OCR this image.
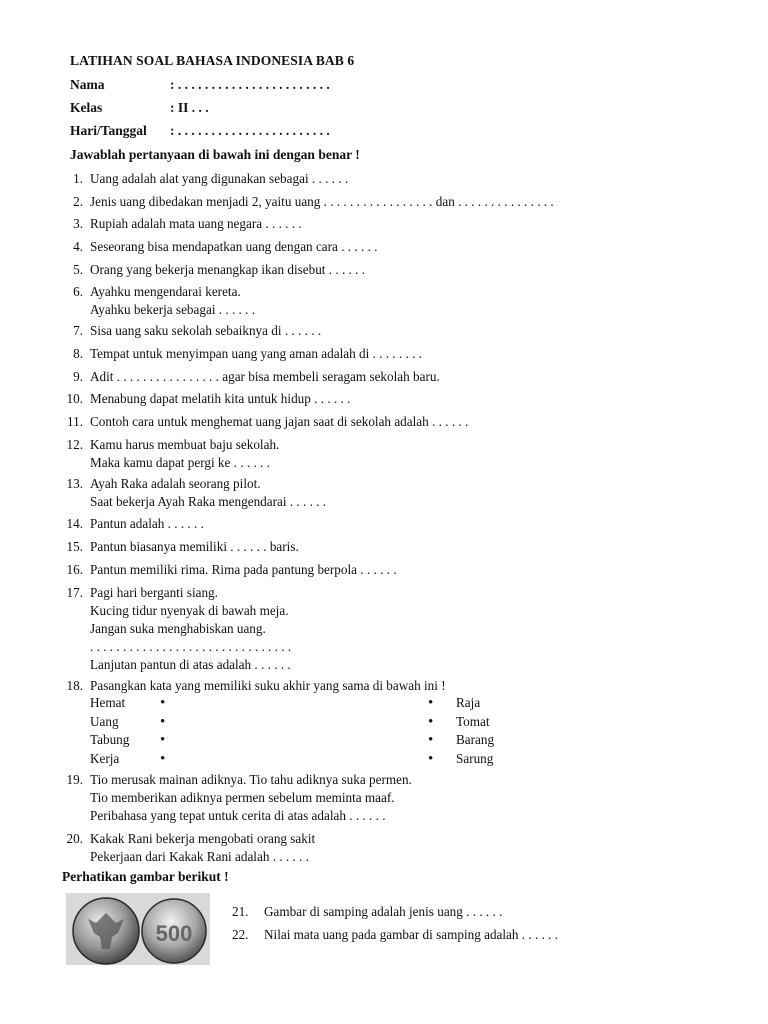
LATIHAN SOAL BAHASA INDONESIA BAB 6
Nama	: . . . . . . . . . . . . . . . . . . . . . . .
Kelas	: II . . .
Hari/Tanggal : . . . . . . . . . . . . . . . . . . . . . . .
Jawablah pertanyaan di bawah ini dengan benar !
1. Uang adalah alat yang digunakan sebagai . . . . . .
2. Jenis uang dibedakan menjadi 2, yaitu uang . . . . . . . . . . . . . . . . . dan . . . . . . . . . . . . . . .
3. Rupiah adalah mata uang negara . . . . . .
4. Seseorang bisa mendapatkan uang dengan cara . . . . . .
5. Orang yang bekerja menangkap ikan disebut . . . . . .
6. Ayahku mengendarai kereta.
Ayahku bekerja sebagai . . . . . .
7. Sisa uang saku sekolah sebaiknya di . . . . . .
8. Tempat untuk menyimpan uang yang aman adalah di . . . . . . . .
9. Adit . . . . . . . . . . . . . . . . agar bisa membeli seragam sekolah baru.
10. Menabung dapat melatih kita untuk hidup . . . . . .
11. Contoh cara untuk menghemat uang jajan saat di sekolah adalah . . . . . .
12. Kamu harus membuat baju sekolah.
Maka kamu dapat pergi ke . . . . . .
13. Ayah Raka adalah seorang pilot.
Saat bekerja Ayah Raka mengendarai . . . . . .
14. Pantun adalah . . . . . .
15. Pantun biasanya memiliki . . . . . . baris.
16. Pantun memiliki rima. Rima pada pantung berpola . . . . . .
17. Pagi hari berganti siang.
Kucing tidur nyenyak di bawah meja.
Jangan suka menghabiskan uang.
. . . . . . . . . . . . . . . . . . . . . . . . . . . . . . .
Lanjutan pantun di atas adalah . . . . . .
18. Pasangkan kata yang memiliki suku akhir yang sama di bawah ini !
19. Tio merusak mainan adiknya. Tio tahu adiknya suka permen.
Tio memberikan adiknya permen sebelum meminta maaf.
Peribahasa yang tepat untuk cerita di atas adalah . . . . . .
20. Kakak Rani bekerja mengobati orang sakit
Pekerjaan dari Kakak Rani adalah . . . . . .
Hemat •	• Raja
Uang	•	• Tomat
Tabung •	• Barang
Kerja	•	• Sarung
Perhatikan gambar berikut !
500
21. Gambar di samping adalah jenis uang . . . . . .
22. Nilai mata uang pada gambar di samping adalah . . . . . .
